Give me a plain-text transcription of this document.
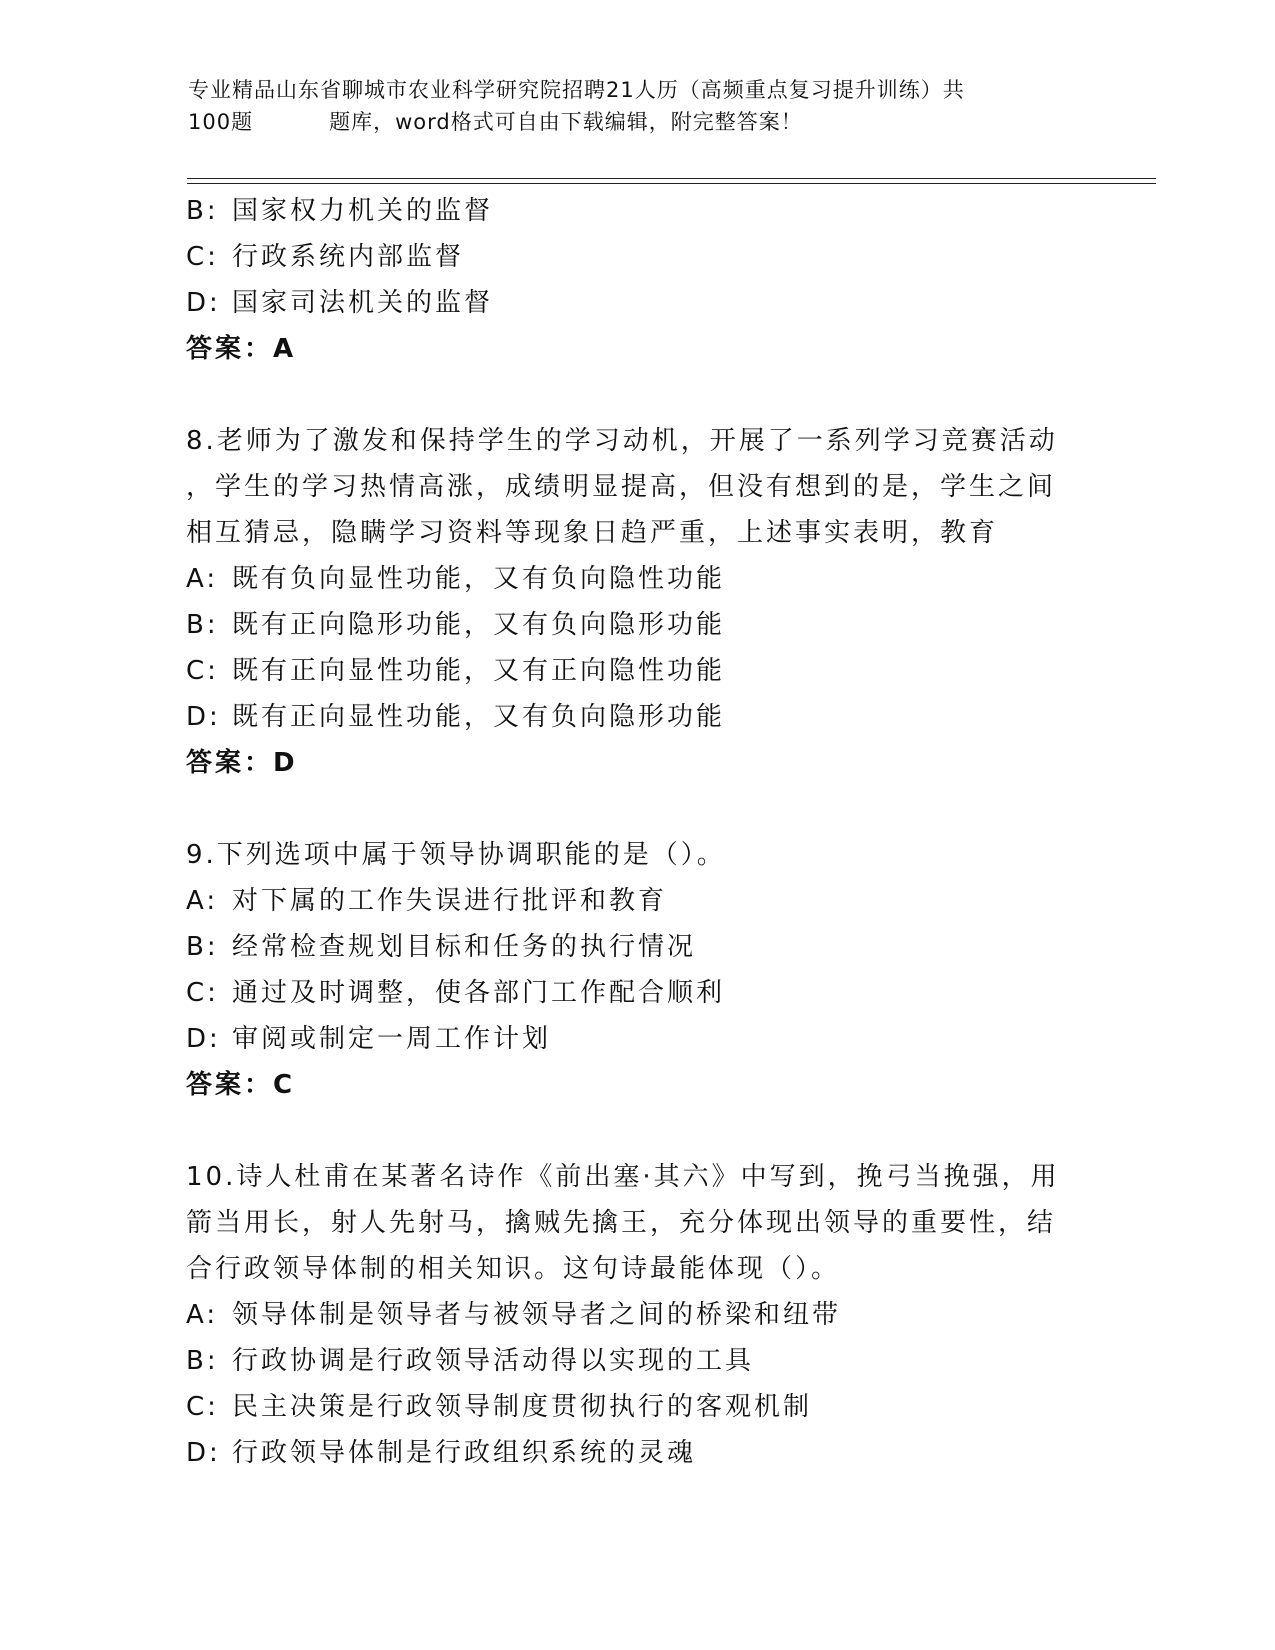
专业精品山东省聊城市农业科学研究院招聘21人历（高频重点复习提升训练）共
100题	题库，word格式可自由下载编辑，附完整答案！
B: 国家权力机关的监督
C: 行政系统内部监督
D: 国家司法机关的监督
答案：A
8.老师为了激发和保持学生的学习动机，开展了一系列学习竞赛活动
，学生的学习热情高涨，成绩明显提高，但没有想到的是，学生之间
相互猜忌，隐瞒学习资料等现象日趋严重，上述事实表明，教育
A: 既有负向显性功能，又有负向隐性功能
B: 既有正向隐形功能，又有负向隐形功能
C: 既有正向显性功能，又有正向隐性功能
D: 既有正向显性功能，又有负向隐形功能
答案：D
9.下列选项中属于领导协调职能的是（）。
A: 对下属的工作失误进行批评和教育
B: 经常检查规划目标和任务的执行情况
C: 通过及时调整，使各部门工作配合顺利
D: 审阅或制定一周工作计划
答案：C
10.诗人杜甫在某著名诗作《前出塞·其六》中写到，挽弓当挽强，用
箭当用长，射人先射马，擒贼先擒王，充分体现出领导的重要性，结
合行政领导体制的相关知识。这句诗最能体现（）。
A: 领导体制是领导者与被领导者之间的桥梁和纽带
B: 行政协调是行政领导活动得以实现的工具
C: 民主决策是行政领导制度贯彻执行的客观机制
D: 行政领导体制是行政组织系统的灵魂
